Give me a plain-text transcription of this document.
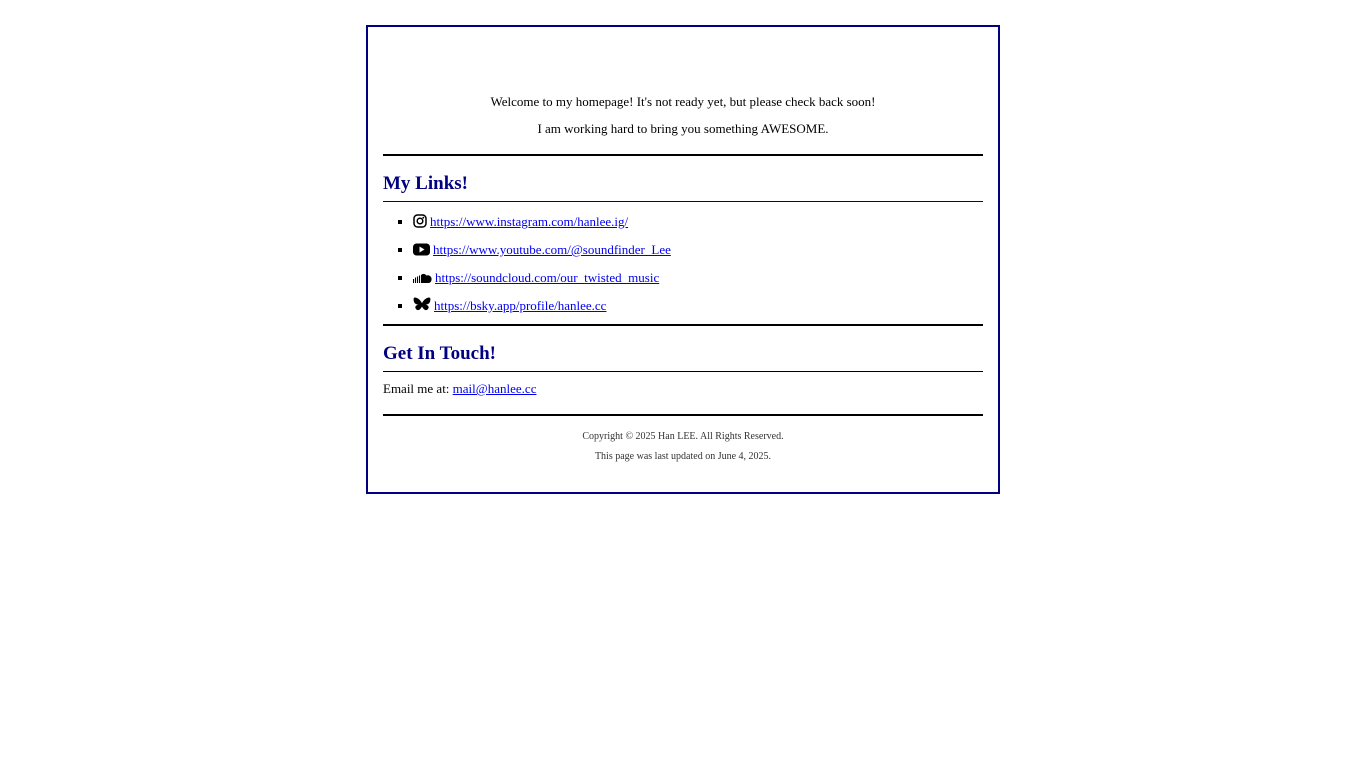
Welcome to my homepage! It's not ready yet, but please check back soon!

I am working hard to bring you something AWESOME.

My Links!
▪ https://www.instagram.com/hanlee.ig/
▪ https://www.youtube.com/@soundfinder_Lee
▪ https://soundcloud.com/our_twisted_music
▪ https://bsky.app/profile/hanlee.cc
Get In Touch!

Email me at: mail@hanlee.cc

Copyright © 2025 Han LEE. All Rights Reserved.

This page was last updated on June 4, 2025.
